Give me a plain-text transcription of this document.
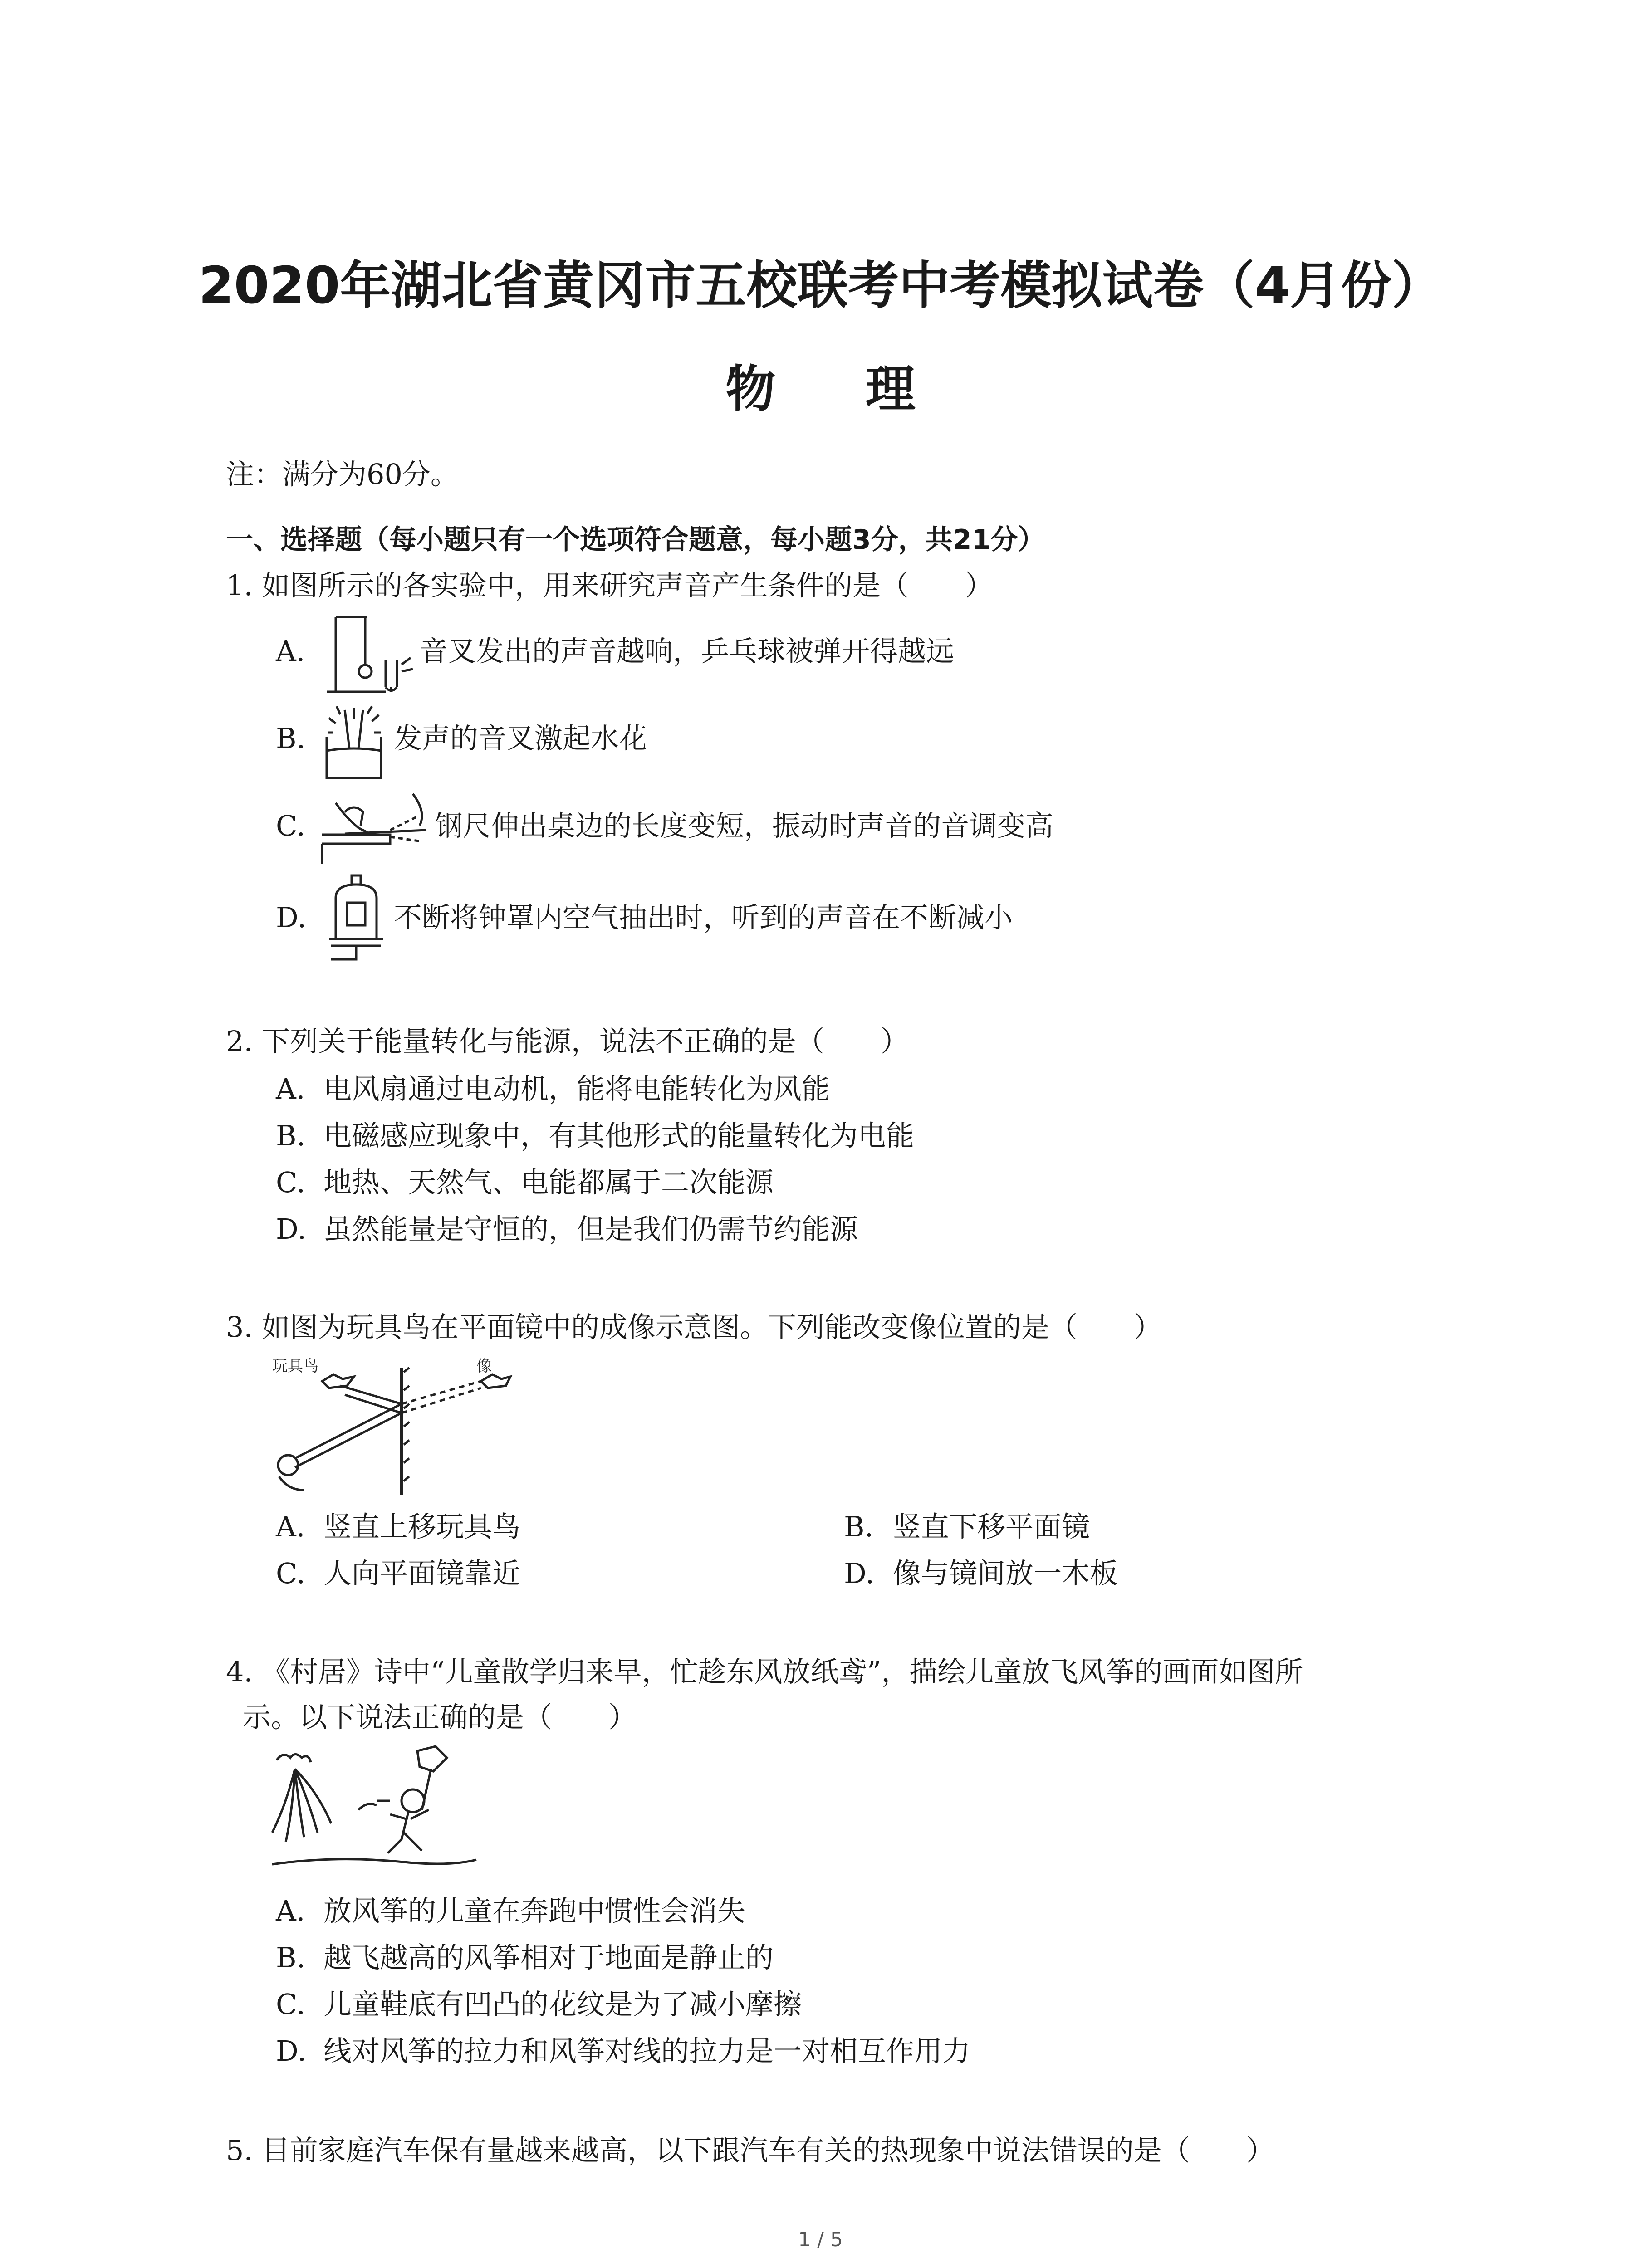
2020年湖北省黄冈市五校联考中考模拟试卷（4月份）
物 理
注：满分为60分。
一、选择题（每小题只有一个选项符合题意，每小题3分，共21分）
1. 如图所示的各实验中，用来研究声音产生条件的是（　　）
A.	音叉发出的声音越响，乒乓球被弹开得越远
B.	发声的音叉激起水花
C.	钢尺伸出桌边的长度变短，振动时声音的音调变高
D.	不断将钟罩内空气抽出时，听到的声音在不断减小
2. 下列关于能量转化与能源，说法不正确的是（　　）
A. 电风扇通过电动机，能将电能转化为风能
B. 电磁感应现象中，有其他形式的能量转化为电能
C. 地热、天然气、电能都属于二次能源
D. 虽然能量是守恒的，但是我们仍需节约能源
3. 如图为玩具鸟在平面镜中的成像示意图。下列能改变像位置的是（　　）
玩具鸟	像
A. 竖直上移玩具鸟	B. 竖直下移平面镜
C. 人向平面镜靠近	D. 像与镜间放一木板
4. 《村居》诗中“儿童散学归来早，忙趁东风放纸鸢”，描绘儿童放飞风筝的画面如图所
示。以下说法正确的是（　　）
A. 放风筝的儿童在奔跑中惯性会消失
B. 越飞越高的风筝相对于地面是静止的
C. 儿童鞋底有凹凸的花纹是为了减小摩擦
D. 线对风筝的拉力和风筝对线的拉力是一对相互作用力
5. 目前家庭汽车保有量越来越高，以下跟汽车有关的热现象中说法错误的是（　　）
1 / 5
